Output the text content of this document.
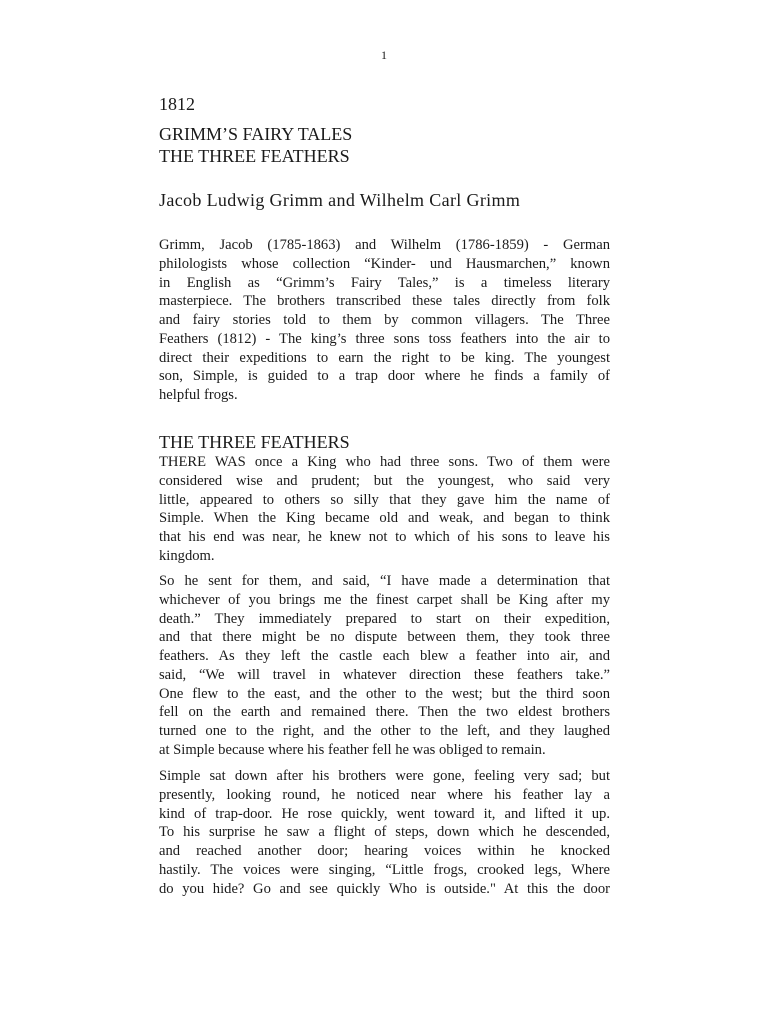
1
1812
GRIMM’S FAIRY TALES
THE THREE FEATHERS
Jacob Ludwig Grimm and Wilhelm Carl Grimm
Grimm, Jacob (1785-1863) and Wilhelm (1786-1859) - German
philologists whose collection “Kinder- und Hausmarchen,” known
in English as “Grimm’s Fairy Tales,” is a timeless literary
masterpiece. The brothers transcribed these tales directly from folk
and fairy stories told to them by common villagers. The Three
Feathers (1812) - The king’s three sons toss feathers into the air to
direct their expeditions to earn the right to be king. The youngest
son, Simple, is guided to a trap door where he finds a family of
helpful frogs.
THE THREE FEATHERS
THERE WAS once a King who had three sons. Two of them were
considered wise and prudent; but the youngest, who said very
little, appeared to others so silly that they gave him the name of
Simple. When the King became old and weak, and began to think
that his end was near, he knew not to which of his sons to leave his
kingdom.
So he sent for them, and said, “I have made a determination that
whichever of you brings me the finest carpet shall be King after my
death.” They immediately prepared to start on their expedition,
and that there might be no dispute between them, they took three
feathers. As they left the castle each blew a feather into air, and
said, “We will travel in whatever direction these feathers take.”
One flew to the east, and the other to the west; but the third soon
fell on the earth and remained there. Then the two eldest brothers
turned one to the right, and the other to the left, and they laughed
at Simple because where his feather fell he was obliged to remain.
Simple sat down after his brothers were gone, feeling very sad; but
presently, looking round, he noticed near where his feather lay a
kind of trap-door. He rose quickly, went toward it, and lifted it up.
To his surprise he saw a flight of steps, down which he descended,
and reached another door; hearing voices within he knocked
hastily. The voices were singing, “Little frogs, crooked legs, Where
do you hide? Go and see quickly Who is outside." At this the door
